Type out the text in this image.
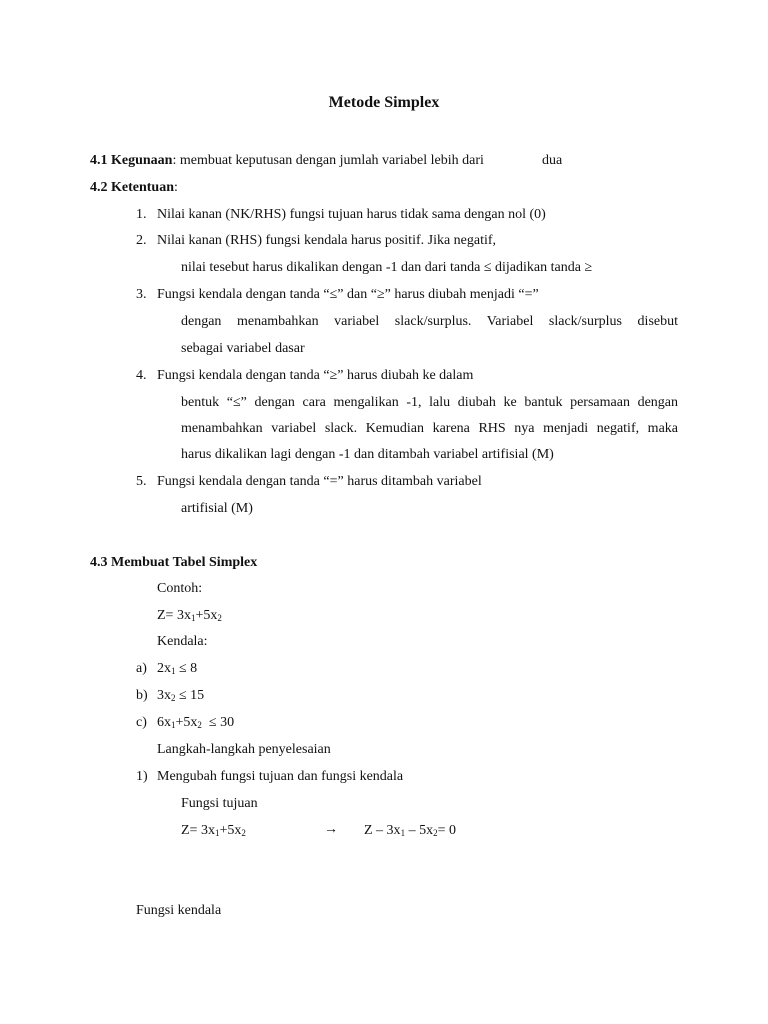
Metode Simplex
4.1 Kegunaan: membuat keputusan dengan jumlah variabel lebih dari	dua
4.2 Ketentuan:
1. Nilai kanan (NK/RHS) fungsi tujuan harus tidak sama dengan nol (0)
2. Nilai kanan (RHS) fungsi kendala harus positif. Jika negatif,
nilai tesebut harus dikalikan dengan -1 dan dari tanda ≤ dijadikan tanda ≥
3. Fungsi kendala dengan tanda “≤” dan “≥” harus diubah menjadi “=”
dengan menambahkan variabel slack/surplus. Variabel slack/surplus disebut
sebagai variabel dasar
4. Fungsi kendala dengan tanda “≥” harus diubah ke dalam
bentuk “≤” dengan cara mengalikan -1, lalu diubah ke bantuk persamaan dengan
menambahkan variabel slack. Kemudian karena RHS nya menjadi negatif, maka
harus dikalikan lagi dengan -1 dan ditambah variabel artifisial (M)
5. Fungsi kendala dengan tanda “=” harus ditambah variabel
artifisial (M)
4.3 Membuat Tabel Simplex
Contoh:
$Z= 3x_1+5x_2$
Kendala:
a) $2x_1 \le 8$
b) $3x_2 \le 15$
c) $6x_1+5x_2 \le 30$
Langkah-langkah penyelesaian
1) Mengubah fungsi tujuan dan fungsi kendala
Fungsi tujuan
$Z= 3x_1+5x_2$	→ $Z - 3x_1 - 5x_2= 0$
Fungsi kendala
